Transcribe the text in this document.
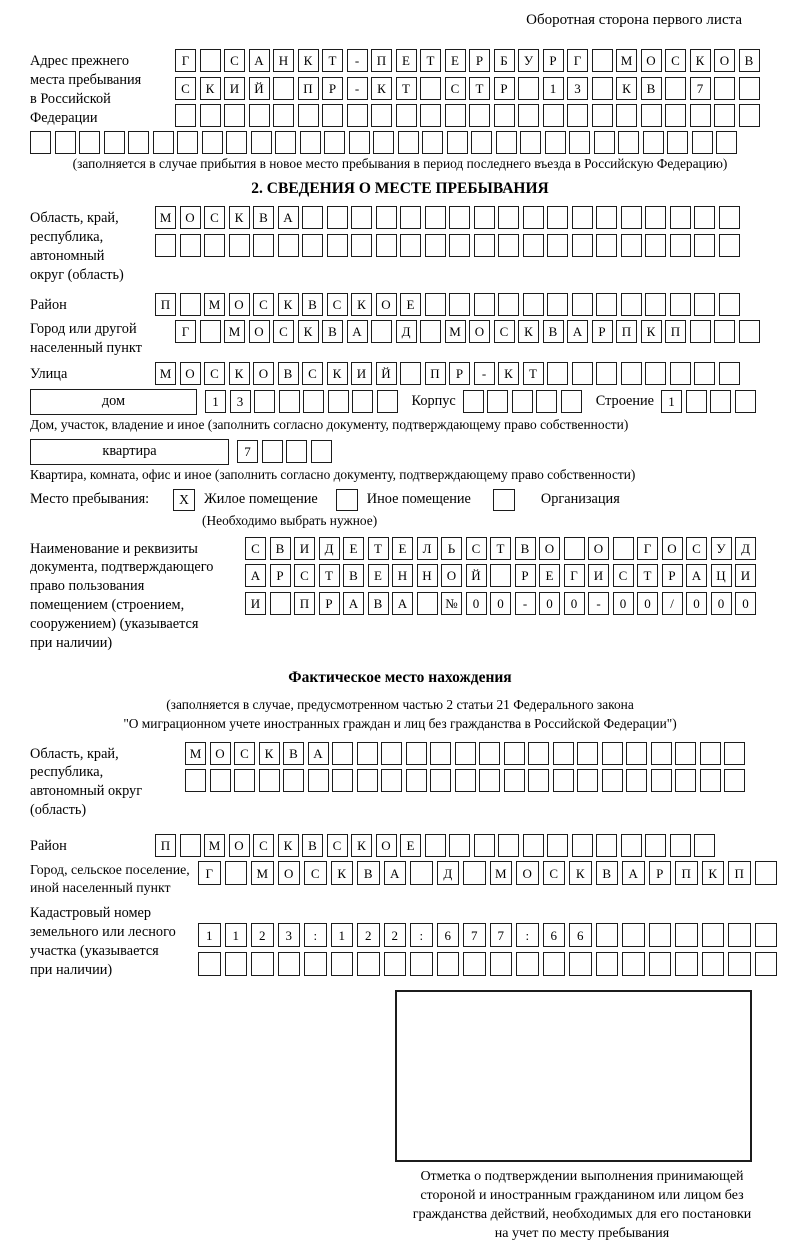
Оборотная сторона первого листа
Адрес прежнего
места пребывания
в Российской
Федерации
Г	С	А	Н	К	Т	-	П	Е	Т	Е	Р	Б	У	Р	Г	М	О	С	К	О	В
С	К	И	Й	П	Р	-	К	Т	С	Т	Р	1	3	К	В	7
(заполняется в случае прибытия в новое место пребывания в период последнего въезда в Российскую Федерацию)
2. СВЕДЕНИЯ О МЕСТЕ ПРЕБЫВАНИЯ
Область, край,
республика,
автономный
округ (область)
М	О	С	К	В	А
Район	П	М	О	С	К	В	С	К	О	Е
Город или другой
населенный пункт
Г	М	О	С	К	В	А	Д	М	О	С	К	В	А	Р	П	К	П
Улица	М	О	С	К	О	В	С	К	И	Й	П	Р	-	К	Т
дом	1	3	Корпус	Строение	1
Дом, участок, владение и иное (заполнить согласно документу, подтверждающему право собственности)
квартира	7
Квартира, комната, офис и иное (заполнить согласно документу, подтверждающему право собственности)
Место пребывания:	X	Жилое помещение	Иное помещение	Организация
(Необходимо выбрать нужное)
Наименование и реквизиты
документа, подтверждающего
право пользования
помещением (строением,
сооружением) (указывается
при наличии)
С	В	И	Д	Е	Т	Е	Л	Ь	С	Т	В	О	О	Г	О	С	У	Д
А	Р	С	Т	В	Е	Н	Н	О	Й	Р	Е	Г	И	С	Т	Р	А	Ц	И
И	П	Р	А	В	А	№	0	0	-	0	0	-	0	0	/	0	0	0
Фактическое место нахождения
(заполняется в случае, предусмотренном частью 2 статьи 21 Федерального закона
"О миграционном учете иностранных граждан и лиц без гражданства в Российской Федерации")
Область, край,
республика,
автономный округ
(область)
М	О	С	К	В	А
Район	П	М	О	С	К	В	С	К	О	Е
Город, сельское поселение,
иной населенный пункт
Г	М	О	С	К	В	А	Д	М	О	С	К	В	А	Р	П	К	П
Кадастровый номер
земельного или лесного
участка (указывается
при наличии)
1	1	2	3	:	1	2	2	:	6	7	7	:	6	6
Отметка о подтверждении выполнения принимающей
стороной и иностранным гражданином или лицом без
гражданства действий, необходимых для его постановки
на учет по месту пребывания
